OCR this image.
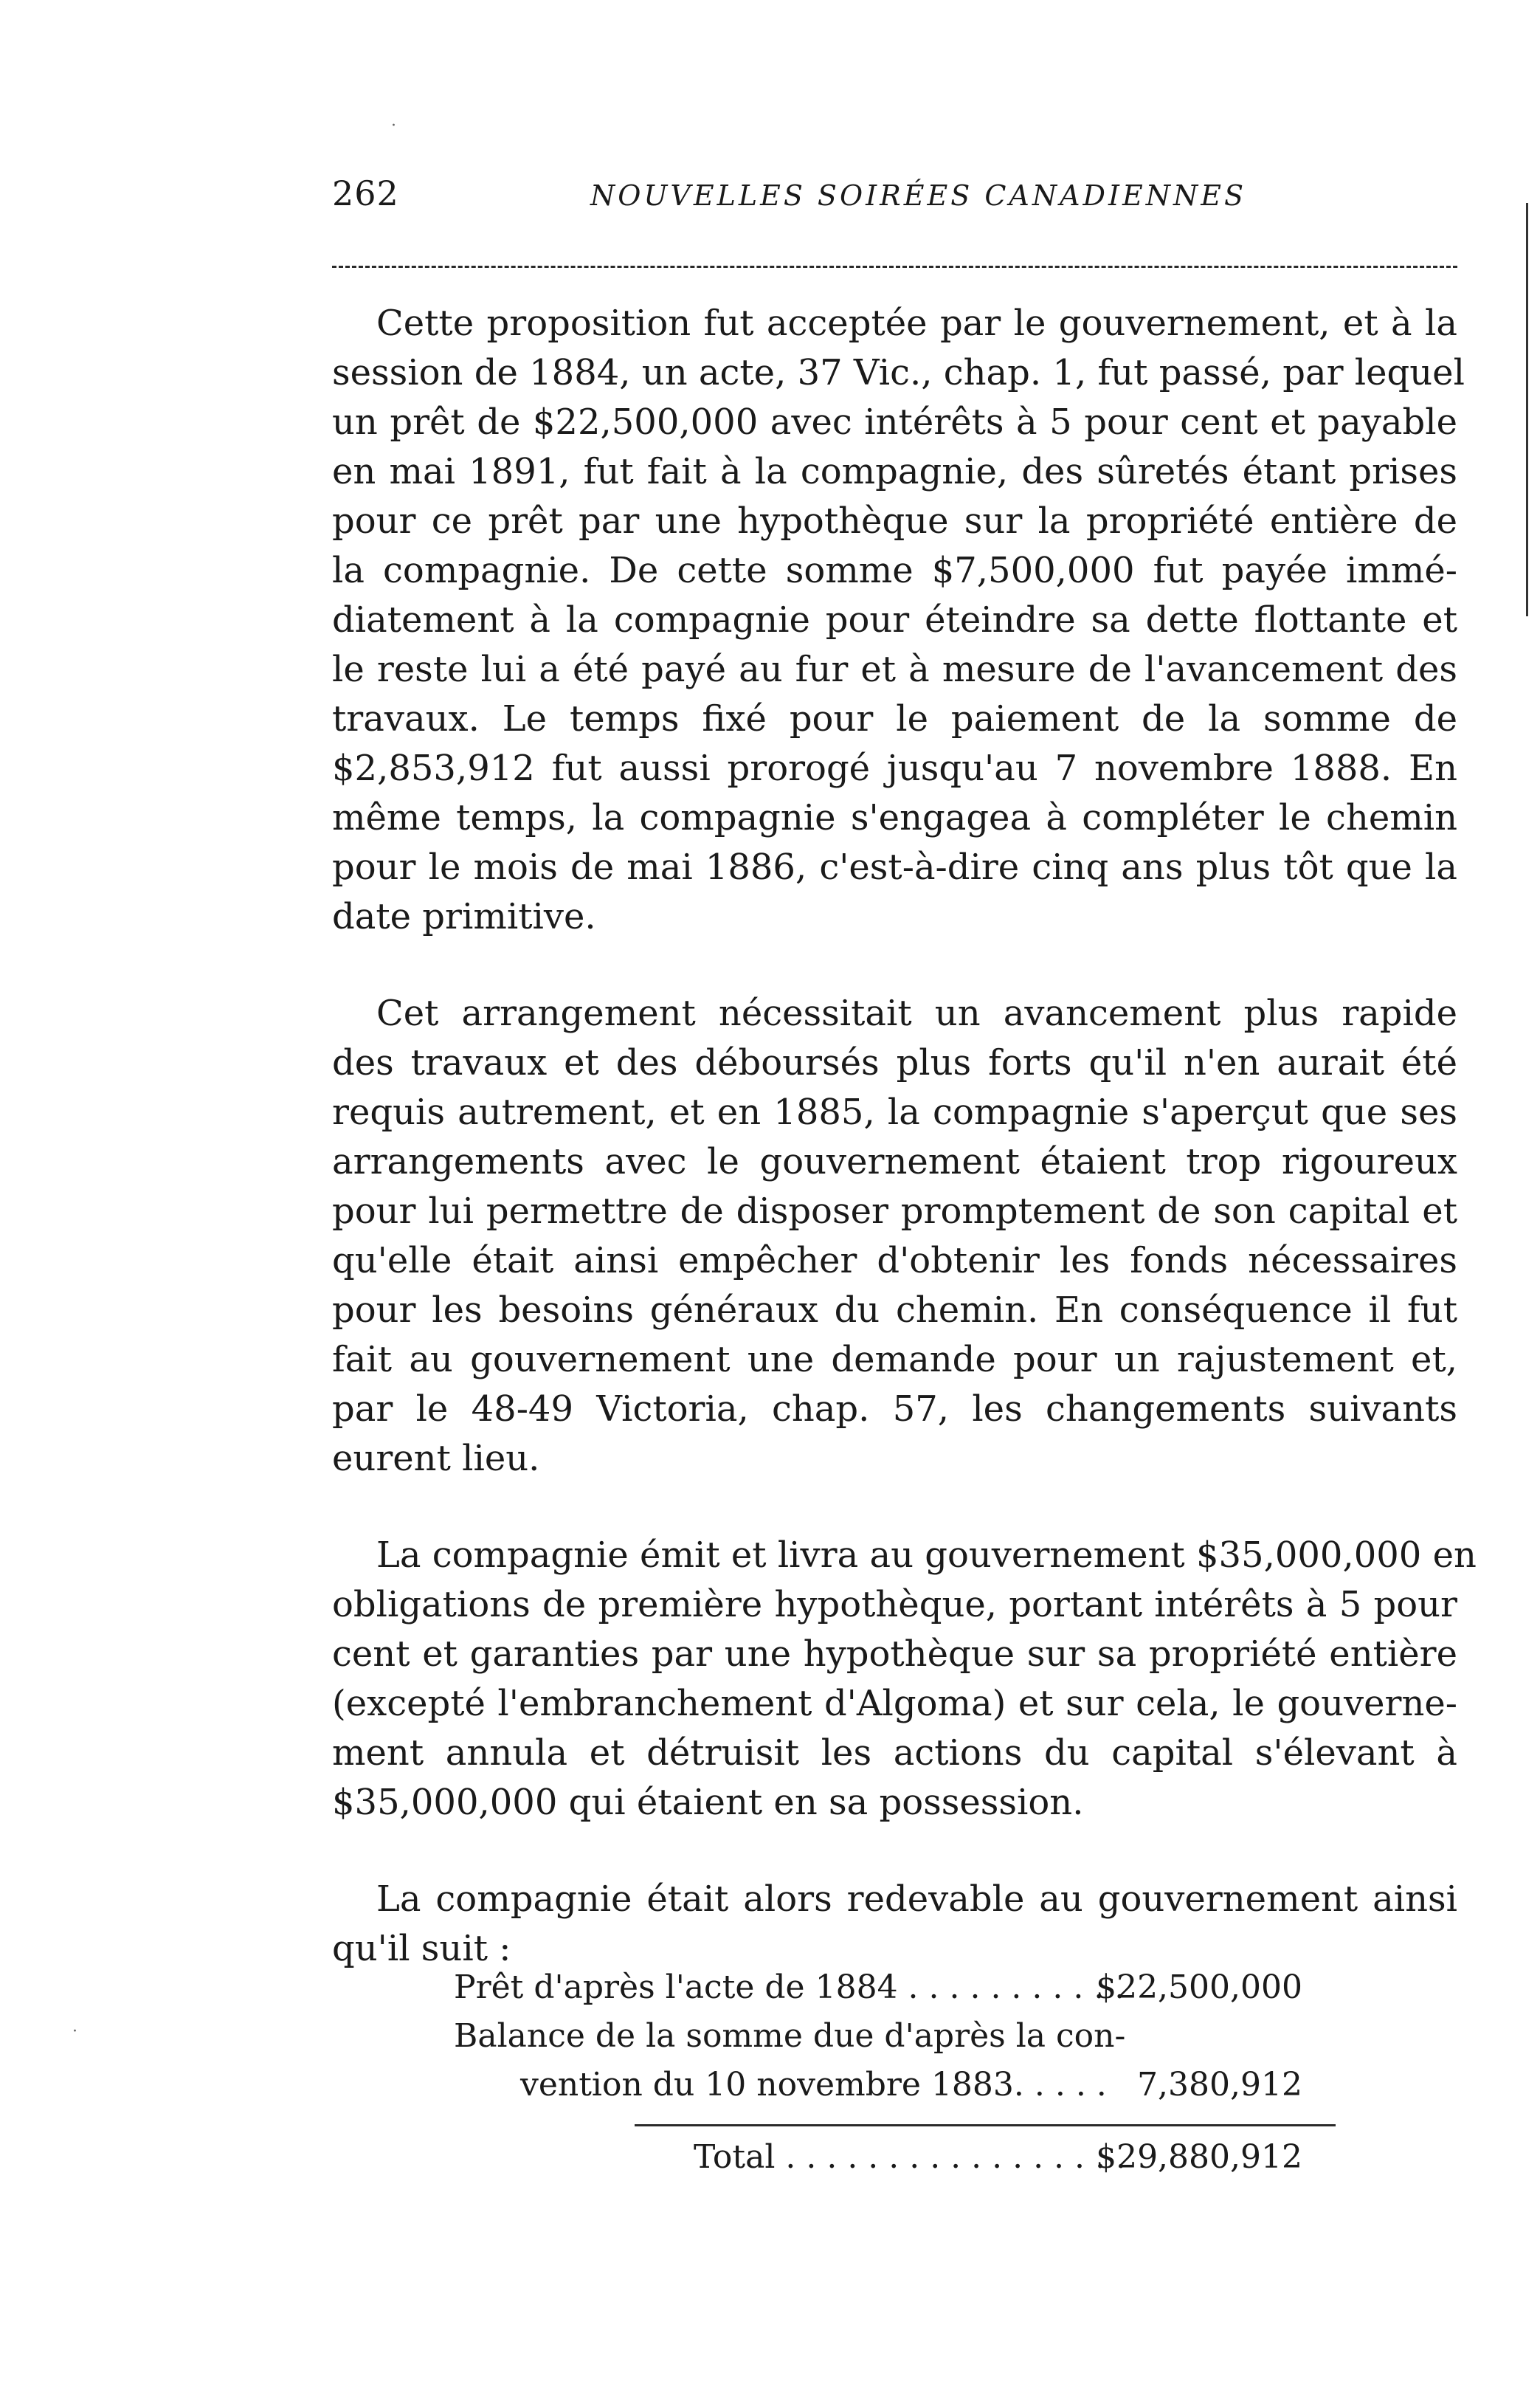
262	NOUVELLES SOIRÉES CANADIENNES
·
·
Cette proposition fut acceptée par le gouvernement, et à la
session de 1884, un acte, 37 Vic., chap. 1, fut passé, par lequel
un prêt de $22,500,000 avec intérêts à 5 pour cent et payable
en mai 1891, fut fait à la compagnie, des sûretés étant prises
pour ce prêt par une hypothèque sur la propriété entière de
la compagnie. De cette somme $7,500,000 fut payée immé-
diatement à la compagnie pour éteindre sa dette flottante et
le reste lui a été payé au fur et à mesure de l'avancement des
travaux. Le temps fixé pour le paiement de la somme de
$2,853,912 fut aussi prorogé jusqu'au 7 novembre 1888. En
même temps, la compagnie s'engagea à compléter le chemin
pour le mois de mai 1886, c'est-à-dire cinq ans plus tôt que la
date primitive.
Cet arrangement nécessitait un avancement plus rapide
des travaux et des déboursés plus forts qu'il n'en aurait été
requis autrement, et en 1885, la compagnie s'aperçut que ses
arrangements avec le gouvernement étaient trop rigoureux
pour lui permettre de disposer promptement de son capital et
qu'elle était ainsi empêcher d'obtenir les fonds nécessaires
pour les besoins généraux du chemin. En conséquence il fut
fait au gouvernement une demande pour un rajustement et,
par le 48-49 Victoria, chap. 57, les changements suivants
eurent lieu.
La compagnie émit et livra au gouvernement $35,000,000 en
obligations de première hypothèque, portant intérêts à 5 pour
cent et garanties par une hypothèque sur sa propriété entière
(excepté l'embranchement d'Algoma) et sur cela, le gouverne-
ment annula et détruisit les actions du capital s'élevant à
$35,000,000 qui étaient en sa possession.
La compagnie était alors redevable au gouvernement ainsi
qu'il suit :
Prêt d'après l'acte de 1884 . . . . . . . . . . .
$22,500,000
Balance de la somme due d'après la con-
vention du 10 novembre 1883. . . . . 7,380,912
Total . . . . . . . . . . . . . . . . .
$29,880,912
